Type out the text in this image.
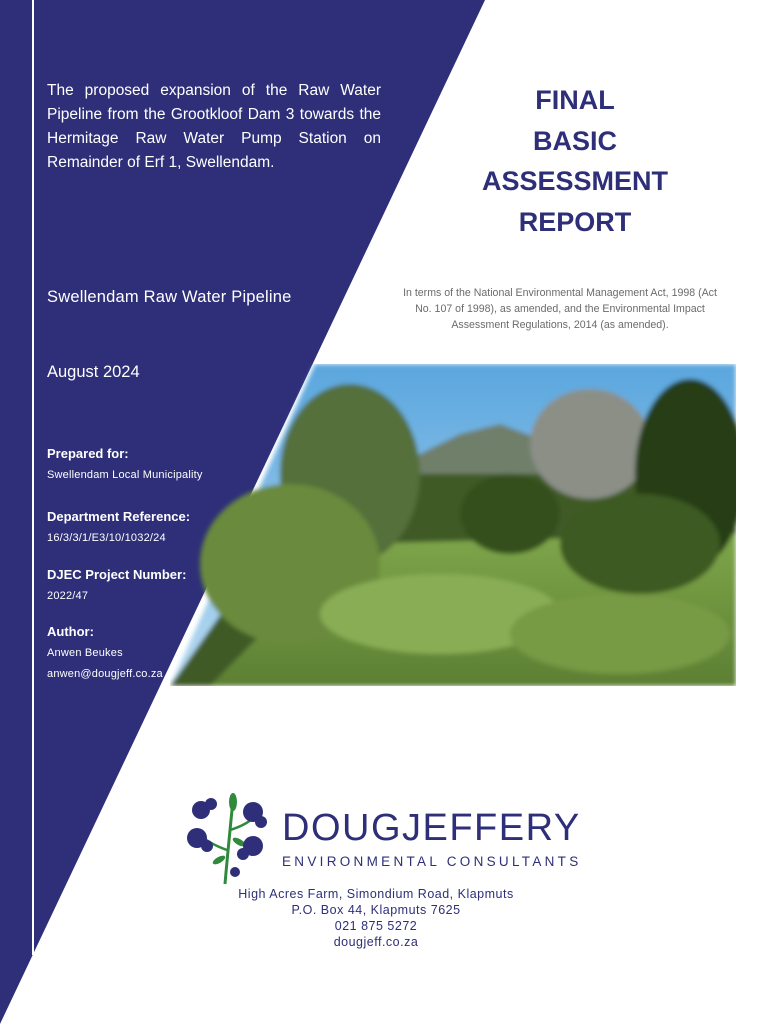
The proposed expansion of the Raw Water Pipeline from the Grootkloof Dam 3 towards the Hermitage Raw Water Pump Station on Remainder of Erf 1, Swellendam.
Swellendam Raw Water Pipeline
August 2024
Prepared for:
Swellendam Local Municipality
Department Reference:
16/3/3/1/E3/10/1032/24
DJEC Project Number:
2022/47
Author:
Anwen Beukes
anwen@dougjeff.co.za
FINAL
BASIC
ASSESSMENT
REPORT
In terms of the National Environmental Management Act, 1998 (Act No. 107 of 1998), as amended, and the Environmental Impact Assessment Regulations, 2014 (as amended).
DOUGJEFFERY
ENVIRONMENTAL CONSULTANTS
High Acres Farm, Simondium Road, Klapmuts
P.O. Box 44, Klapmuts 7625
021 875 5272
dougjeff.co.za
